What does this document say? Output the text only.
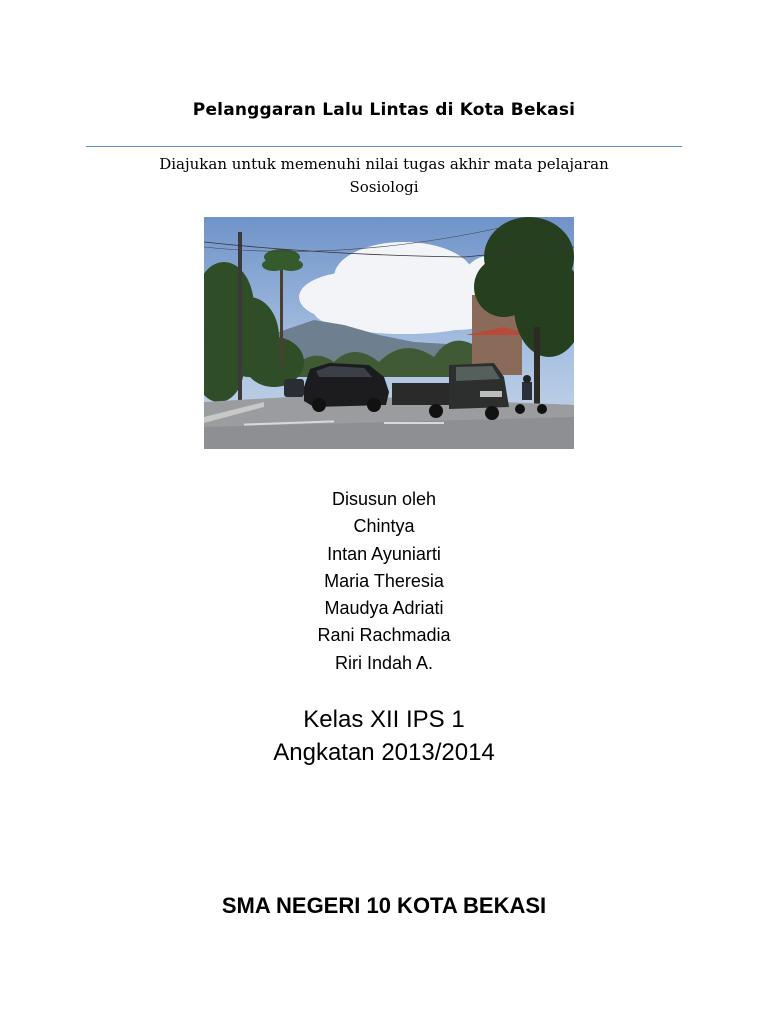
Pelanggaran Lalu Lintas di Kota Bekasi
Diajukan untuk memenuhi nilai tugas akhir mata pelajaran
Sosiologi
Disusun oleh
Chintya
Intan Ayuniarti
Maria Theresia
Maudya Adriati
Rani Rachmadia
Riri Indah A.
Kelas XII IPS 1
Angkatan 2013/2014
SMA NEGERI 10 KOTA BEKASI
